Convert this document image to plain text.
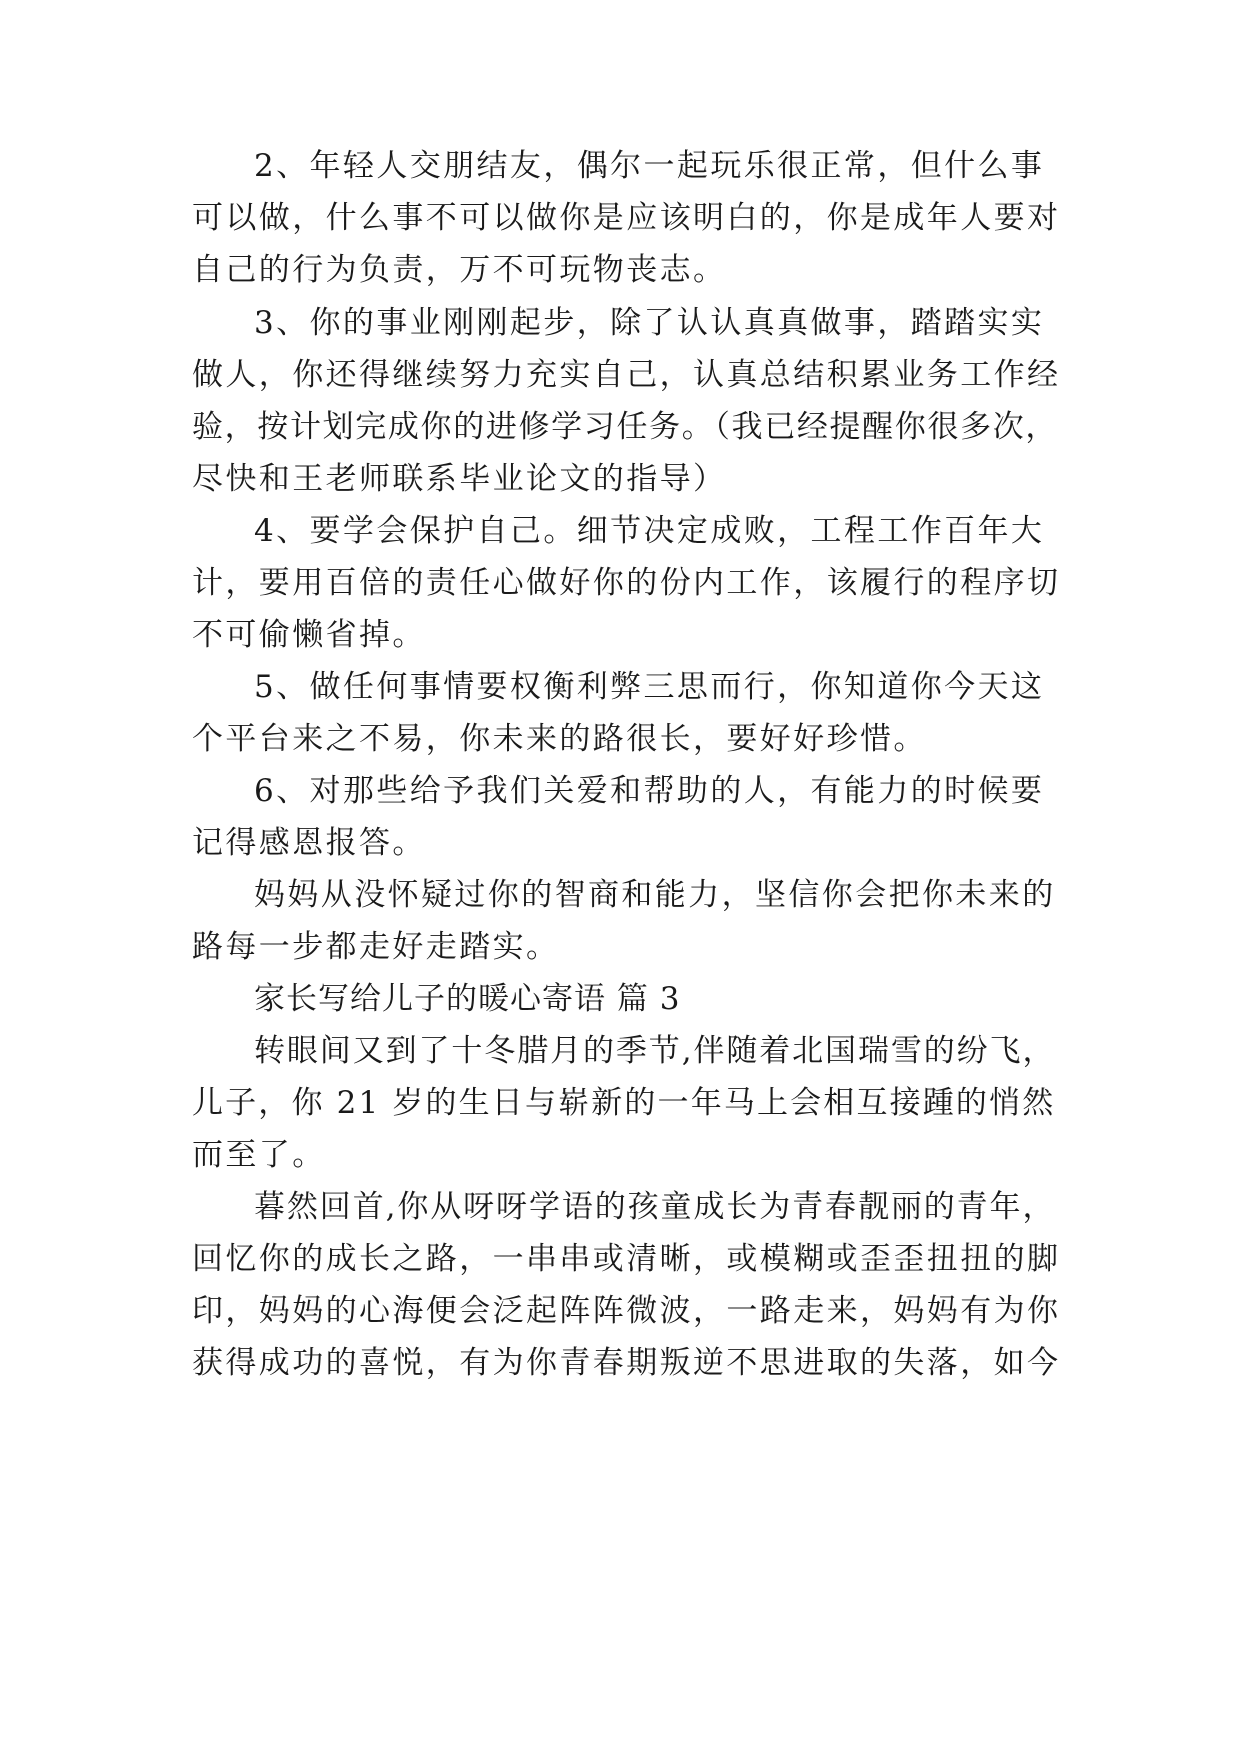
2、年轻人交朋结友，偶尔一起玩乐很正常，但什么事
可以做，什么事不可以做你是应该明白的，你是成年人要对
自己的行为负责，万不可玩物丧志。
3、你的事业刚刚起步，除了认认真真做事，踏踏实实
做人，你还得继续努力充实自己，认真总结积累业务工作经
验，按计划完成你的进修学习任务。（我已经提醒你很多次，
尽快和王老师联系毕业论文的指导）
4、要学会保护自己。细节决定成败，工程工作百年大
计，要用百倍的责任心做好你的份内工作，该履行的程序切
不可偷懒省掉。
5、做任何事情要权衡利弊三思而行，你知道你今天这
个平台来之不易，你未来的路很长，要好好珍惜。
6、对那些给予我们关爱和帮助的人，有能力的时候要
记得感恩报答。
妈妈从没怀疑过你的智商和能力，坚信你会把你未来的
路每一步都走好走踏实。
家长写给儿子的暖心寄语 篇 3
转眼间又到了十冬腊月的季节,伴随着北国瑞雪的纷飞，
儿子，你 21 岁的生日与崭新的一年马上会相互接踵的悄然
而至了。
暮然回首,你从呀呀学语的孩童成长为青春靓丽的青年，
回忆你的成长之路，一串串或清晰，或模糊或歪歪扭扭的脚
印，妈妈的心海便会泛起阵阵微波，一路走来，妈妈有为你
获得成功的喜悦，有为你青春期叛逆不思进取的失落，如今
